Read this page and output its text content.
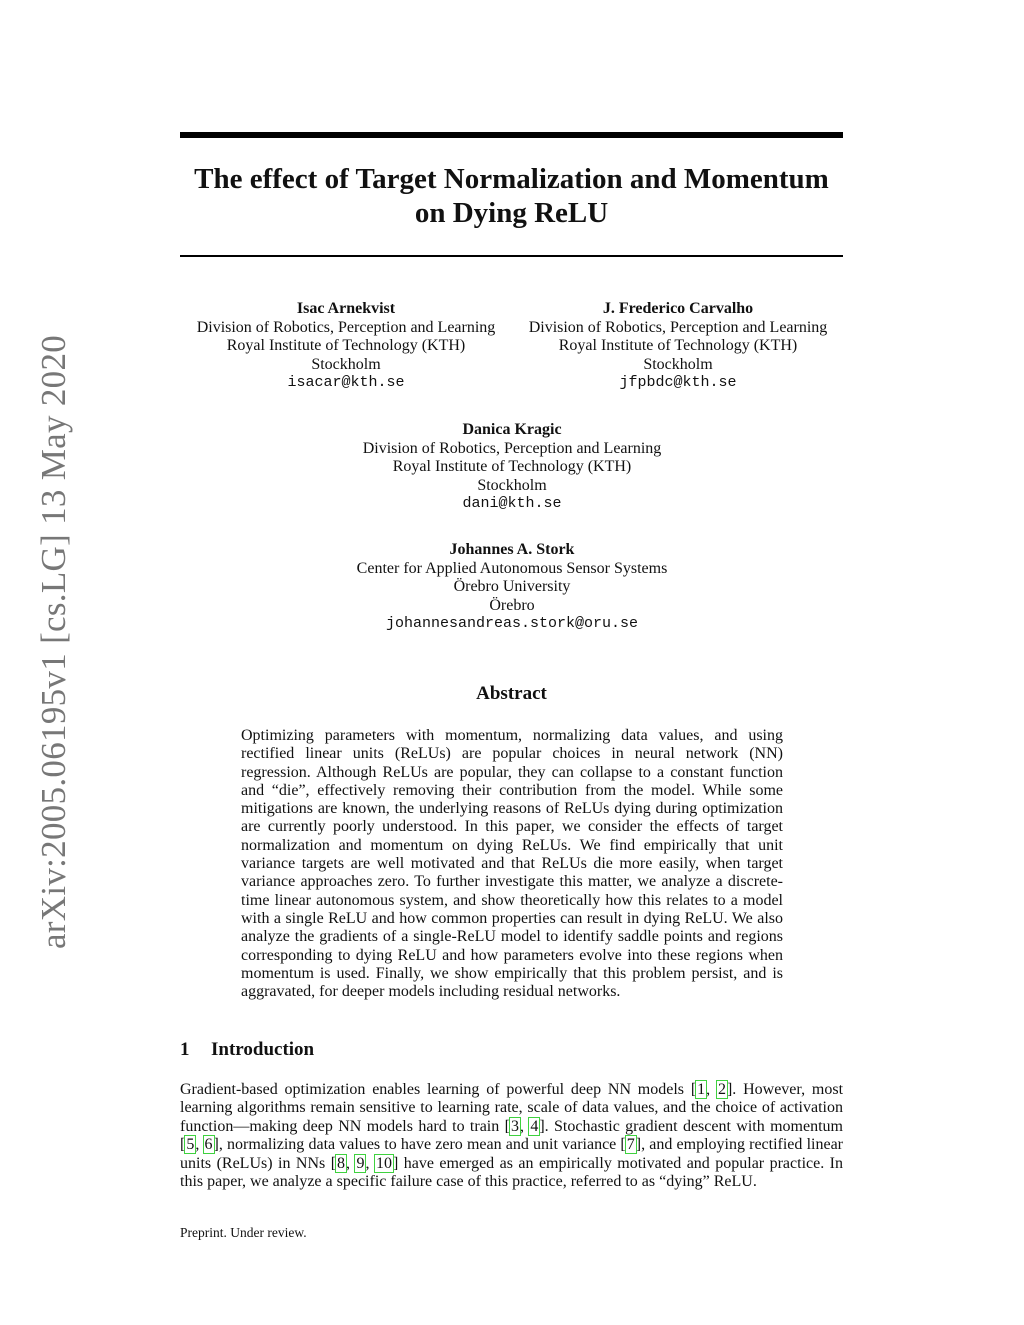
arXiv:2005.06195v1 [cs.LG] 13 May 2020
The effect of Target Normalization and Momentum
on Dying ReLU
Isac Arnekvist
Division of Robotics, Perception and Learning
Royal Institute of Technology (KTH)
Stockholm
isacar@kth.se
J. Frederico Carvalho
Division of Robotics, Perception and Learning
Royal Institute of Technology (KTH)
Stockholm
jfpbdc@kth.se
Danica Kragic
Division of Robotics, Perception and Learning
Royal Institute of Technology (KTH)
Stockholm
dani@kth.se
Johannes A. Stork
Center for Applied Autonomous Sensor Systems
Örebro University
Örebro
johannesandreas.stork@oru.se
Abstract

Optimizing parameters with momentum, normalizing data values, and using rectified linear units (ReLUs) are popular choices in neural network (NN) regression. Although ReLUs are popular, they can collapse to a constant function and “die”, effectively removing their contribution from the model. While some mitigations are known, the underlying reasons of ReLUs dying during optimization are currently poorly understood. In this paper, we consider the effects of target normalization and momentum on dying ReLUs. We find empirically that unit variance targets are well motivated and that ReLUs die more easily, when target variance approaches zero. To further investigate this matter, we analyze a discrete-time linear autonomous system, and show theoretically how this relates to a model with a single ReLU and how common properties can result in dying ReLU. We also analyze the gradients of a single-ReLU model to identify saddle points and regions corresponding to dying ReLU and how parameters evolve into these regions when momentum is used. Finally, we show empirically that this problem persist, and is aggravated, for deeper models including residual networks.

1 Introduction

Gradient-based optimization enables learning of powerful deep NN models [1, 2]. However, most learning algorithms remain sensitive to learning rate, scale of data values, and the choice of activation function—making deep NN models hard to train [3, 4]. Stochastic gradient descent with momentum [5, 6], normalizing data values to have zero mean and unit variance [7], and employing rectified linear units (ReLUs) in NNs [8, 9, 10] have emerged as an empirically motivated and popular practice. In this paper, we analyze a specific failure case of this practice, referred to as “dying” ReLU.

Preprint. Under review.
